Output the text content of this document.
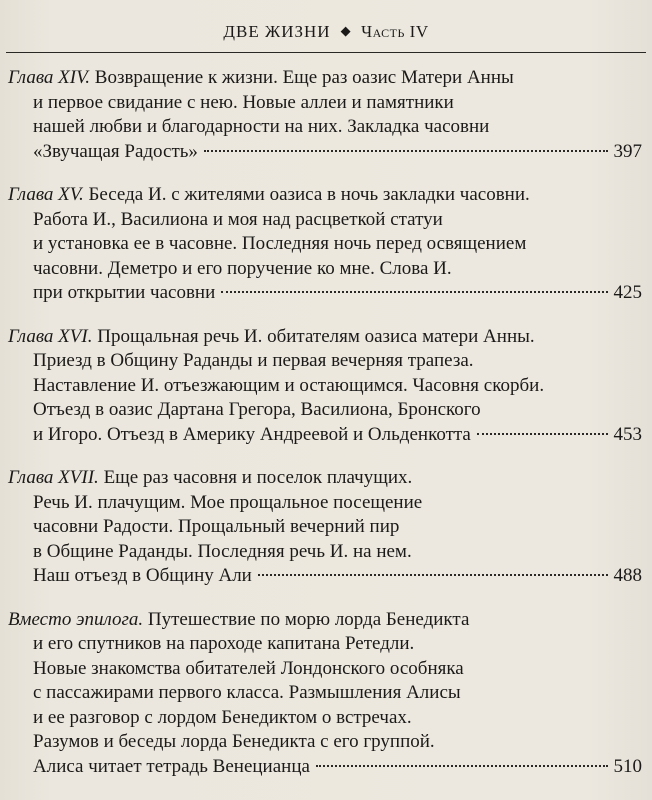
ДВЕ ЖИЗНИ ◆ Часть IV
Глава XIV. Возвращение к жизни. Еще раз оазис Матери Анны
и первое свидание с нею. Новые аллеи и памятники
нашей любви и благодарности на них. Закладка часовни
«Звучащая Радость»	397
Глава XV. Беседа И. с жителями оазиса в ночь закладки часовни.
Работа И., Василиона и моя над расцветкой статуи
и установка ее в часовне. Последняя ночь перед освящением
часовни. Деметро и его поручение ко мне. Слова И.
при открытии часовни	425
Глава XVI. Прощальная речь И. обитателям оазиса матери Анны.
Приезд в Общину Раданды и первая вечерняя трапеза.
Наставление И. отъезжающим и остающимся. Часовня скорби.
Отъезд в оазис Дартана Грегора, Василиона, Бронского
и Игоро. Отъезд в Америку Андреевой и Ольденкотта	453
Глава XVII. Еще раз часовня и поселок плачущих.
Речь И. плачущим. Мое прощальное посещение
часовни Радости. Прощальный вечерний пир
в Общине Раданды. Последняя речь И. на нем.
Наш отъезд в Общину Али	488
Вместо эпилога. Путешествие по морю лорда Бенедикта
и его спутников на пароходе капитана Ретедли.
Новые знакомства обитателей Лондонского особняка
с пассажирами первого класса. Размышления Алисы
и ее разговор с лордом Бенедиктом о встречах.
Разумов и беседы лорда Бенедикта с его группой.
Алиса читает тетрадь Венецианца	510
